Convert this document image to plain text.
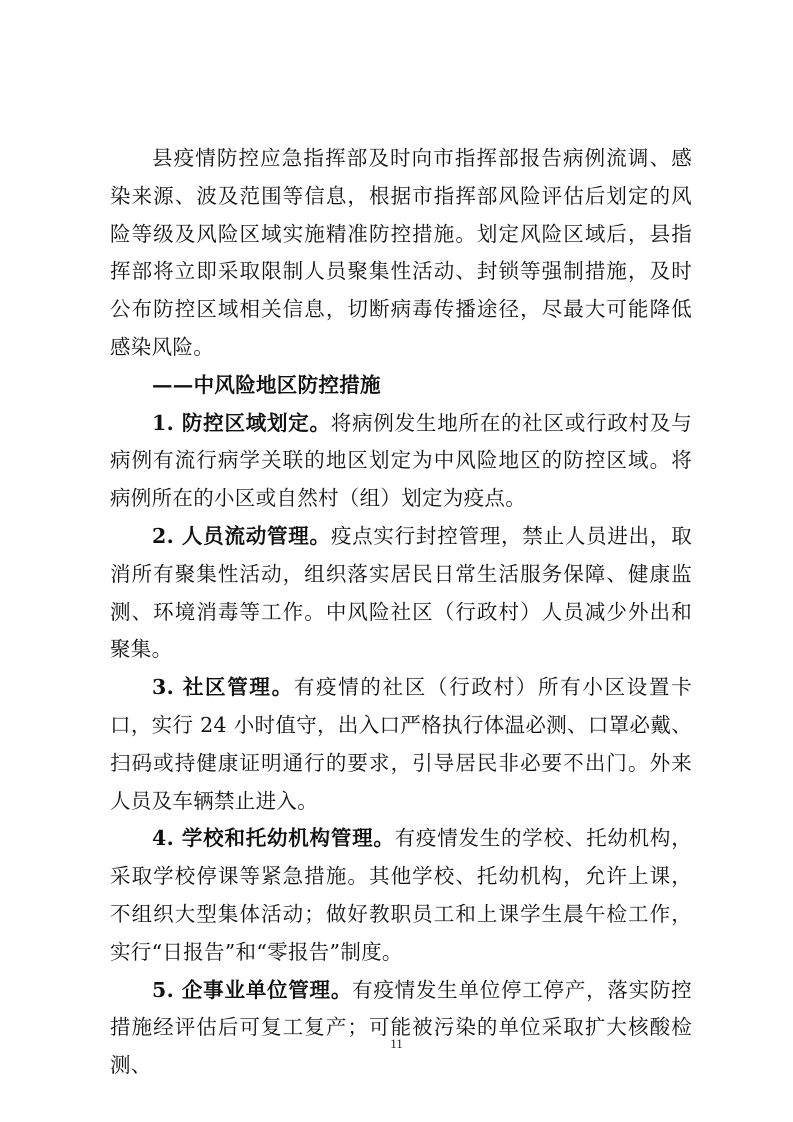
县疫情防控应急指挥部及时向市指挥部报告病例流调、感染来源、波及范围等信息，根据市指挥部风险评估后划定的风险等级及风险区域实施精准防控措施。划定风险区域后，县指挥部将立即采取限制人员聚集性活动、封锁等强制措施，及时公布防控区域相关信息，切断病毒传播途径，尽最大可能降低感染风险。

——中风险地区防控措施

1. 防控区域划定。将病例发生地所在的社区或行政村及与病例有流行病学关联的地区划定为中风险地区的防控区域。将病例所在的小区或自然村（组）划定为疫点。

2. 人员流动管理。疫点实行封控管理，禁止人员进出，取消所有聚集性活动，组织落实居民日常生活服务保障、健康监测、环境消毒等工作。中风险社区（行政村）人员减少外出和聚集。

3. 社区管理。有疫情的社区（行政村）所有小区设置卡口，实行 24 小时值守，出入口严格执行体温必测、口罩必戴、扫码或持健康证明通行的要求，引导居民非必要不出门。外来人员及车辆禁止进入。

4. 学校和托幼机构管理。有疫情发生的学校、托幼机构，采取学校停课等紧急措施。其他学校、托幼机构，允许上课，不组织大型集体活动；做好教职员工和上课学生晨午检工作，实行“日报告”和“零报告”制度。

5. 企事业单位管理。有疫情发生单位停工停产，落实防控措施经评估后可复工复产；可能被污染的单位采取扩大核酸检测、

11
